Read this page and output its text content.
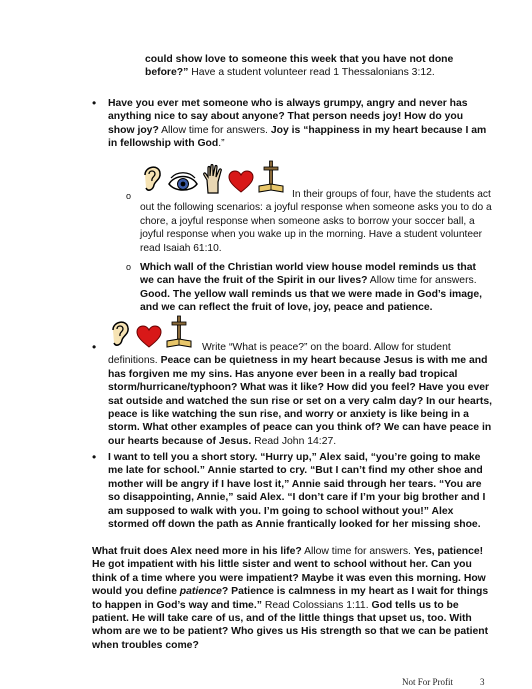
could show love to someone this week that you have not done before?” Have a student volunteer read 1 Thessalonians 3:12.
• Have you ever met someone who is always grumpy, angry and never has anything nice to say about anyone? That person needs joy! How do you show joy? Allow time for answers. Joy is “happiness in my heart because I am in fellowship with God.”
o	In their groups of four, have the students act out the following scenarios: a joyful response when someone asks you to do a chore, a joyful response when someone asks to borrow your soccer ball, a joyful response when you wake up in the morning. Have a student volunteer read Isaiah 61:10.
o Which wall of the Christian world view house model reminds us that we can have the fruit of the Spirit in our lives? Allow time for answers. Good. The yellow wall reminds us that we were made in God’s image, and we can reflect the fruit of love, joy, peace and patience.
•	Write “What is peace?” on the board. Allow for student definitions. Peace can be quietness in my heart because Jesus is with me and has forgiven me my sins. Has anyone ever been in a really bad tropical storm/hurricane/typhoon? What was it like? How did you feel? Have you ever sat outside and watched the sun rise or set on a very calm day? In our hearts, peace is like watching the sun rise, and worry or anxiety is like being in a storm. What other examples of peace can you think of? We can have peace in our hearts because of Jesus. Read John 14:27.
• I want to tell you a short story. “Hurry up,” Alex said, “you’re going to make me late for school.” Annie started to cry. “But I can’t find my other shoe and mother will be angry if I have lost it,” Annie said through her tears. “You are so disappointing, Annie,” said Alex. “I don’t care if I’m your big brother and I am supposed to walk with you. I’m going to school without you!” Alex stormed off down the path as Annie frantically looked for her missing shoe.
What fruit does Alex need more in his life? Allow time for answers. Yes, patience! He got impatient with his little sister and went to school without her. Can you think of a time where you were impatient? Maybe it was even this morning. How would you define patience? Patience is calmness in my heart as I wait for things to happen in God’s way and time.” Read Colossians 1:11. God tells us to be patient. He will take care of us, and of the little things that upset us, too. With whom are we to be patient? Who gives us His strength so that we can be patient when troubles come?
Not For Profit	3
